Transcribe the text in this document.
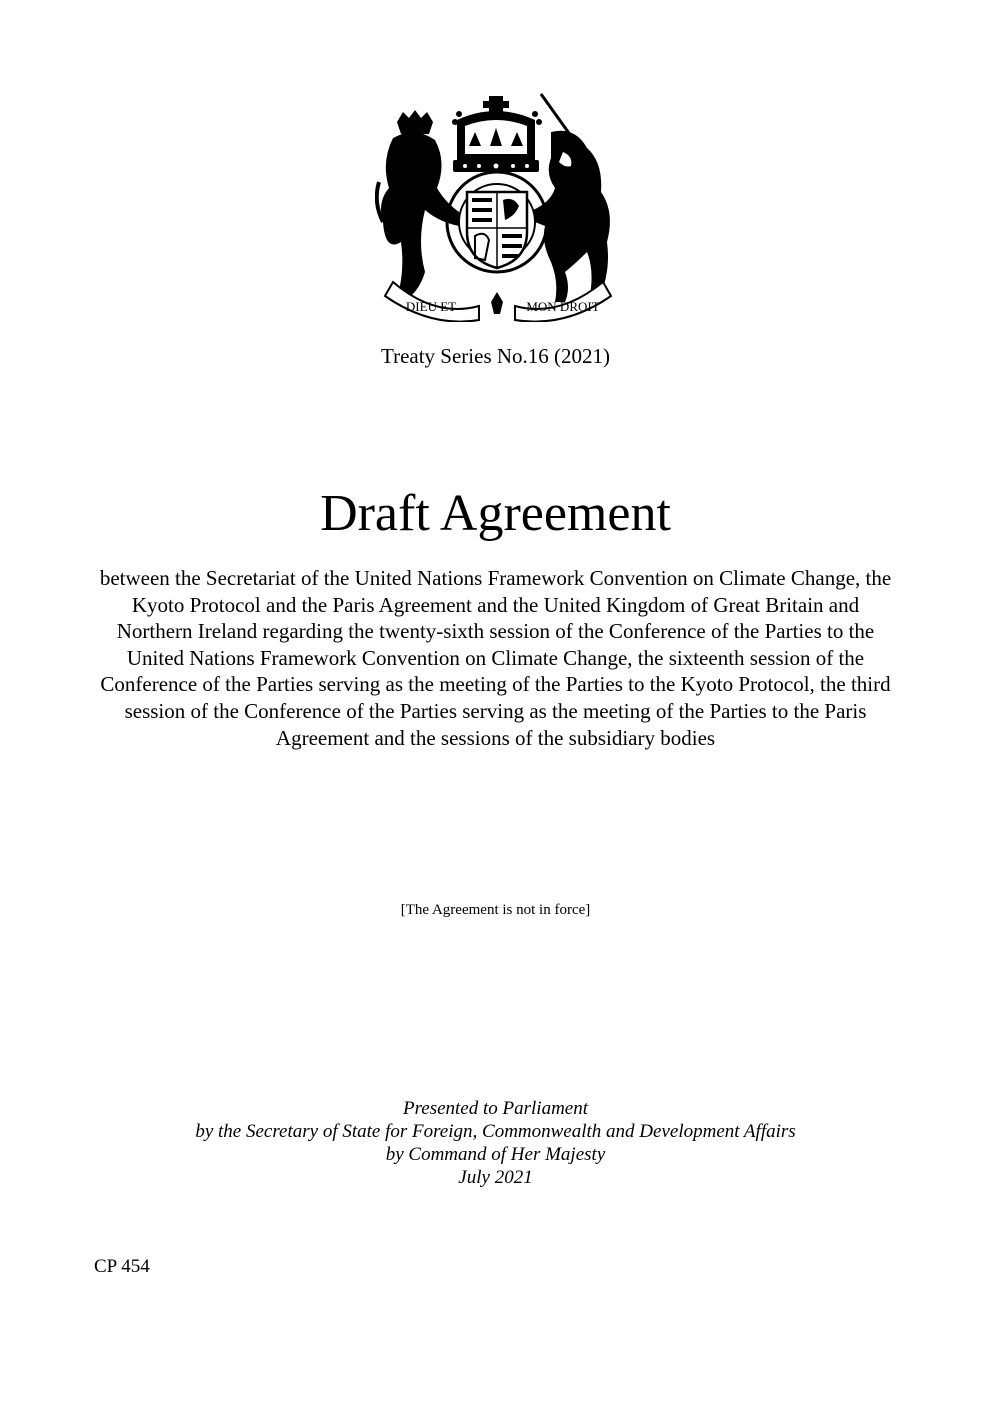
DIEU ET	MON DROIT
Treaty Series No.16 (2021)
Draft Agreement
between the Secretariat of the United Nations Framework Convention on Climate Change, the Kyoto Protocol and the Paris Agreement and the United Kingdom of Great Britain and Northern Ireland regarding the twenty-sixth session of the Conference of the Parties to the United Nations Framework Convention on Climate Change, the sixteenth session of the Conference of the Parties serving as the meeting of the Parties to the Kyoto Protocol, the third session of the Conference of the Parties serving as the meeting of the Parties to the Paris Agreement and the sessions of the subsidiary bodies
[The Agreement is not in force]
Presented to Parliament
by the Secretary of State for Foreign, Commonwealth and Development Affairs
by Command of Her Majesty
July 2021
CP 454
